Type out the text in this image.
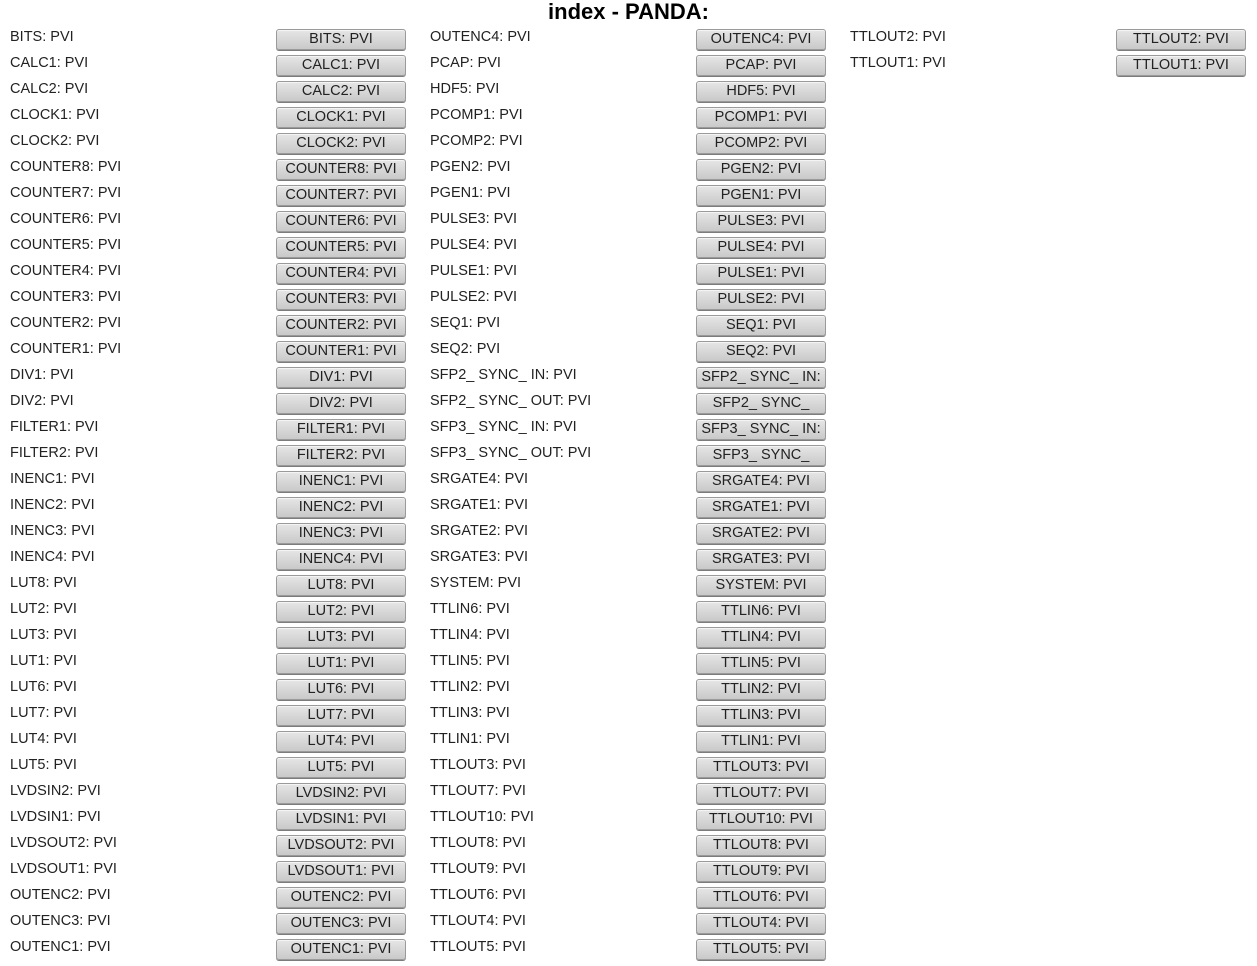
index - PANDA:
BITS: PVI	BITS: PVI
CALC1: PVI	CALC1: PVI
CALC2: PVI	CALC2: PVI
CLOCK1: PVI	CLOCK1: PVI
CLOCK2: PVI	CLOCK2: PVI
COUNTER8: PVI	COUNTER8: PVI
COUNTER7: PVI	COUNTER7: PVI
COUNTER6: PVI	COUNTER6: PVI
COUNTER5: PVI	COUNTER5: PVI
COUNTER4: PVI	COUNTER4: PVI
COUNTER3: PVI	COUNTER3: PVI
COUNTER2: PVI	COUNTER2: PVI
COUNTER1: PVI	COUNTER1: PVI
DIV1: PVI	DIV1: PVI
DIV2: PVI	DIV2: PVI
FILTER1: PVI	FILTER1: PVI
FILTER2: PVI	FILTER2: PVI
INENC1: PVI	INENC1: PVI
INENC2: PVI	INENC2: PVI
INENC3: PVI	INENC3: PVI
INENC4: PVI	INENC4: PVI
LUT8: PVI	LUT8: PVI
LUT2: PVI	LUT2: PVI
LUT3: PVI	LUT3: PVI
LUT1: PVI	LUT1: PVI
LUT6: PVI	LUT6: PVI
LUT7: PVI	LUT7: PVI
LUT4: PVI	LUT4: PVI
LUT5: PVI	LUT5: PVI
LVDSIN2: PVI	LVDSIN2: PVI
LVDSIN1: PVI	LVDSIN1: PVI
LVDSOUT2: PVI	LVDSOUT2: PVI
LVDSOUT1: PVI	LVDSOUT1: PVI
OUTENC2: PVI	OUTENC2: PVI
OUTENC3: PVI	OUTENC3: PVI
OUTENC1: PVI	OUTENC1: PVI
OUTENC4: PVI	OUTENC4: PVI
PCAP: PVI	PCAP: PVI
HDF5: PVI	HDF5: PVI
PCOMP1: PVI	PCOMP1: PVI
PCOMP2: PVI	PCOMP2: PVI
PGEN2: PVI	PGEN2: PVI
PGEN1: PVI	PGEN1: PVI
PULSE3: PVI	PULSE3: PVI
PULSE4: PVI	PULSE4: PVI
PULSE1: PVI	PULSE1: PVI
PULSE2: PVI	PULSE2: PVI
SEQ1: PVI	SEQ1: PVI
SEQ2: PVI	SEQ2: PVI
SFP2_ SYNC_ IN: PVI	SFP2_ SYNC_ IN:
SFP2_ SYNC_ OUT: PVI	SFP2_ SYNC_
SFP3_ SYNC_ IN: PVI	SFP3_ SYNC_ IN:
SFP3_ SYNC_ OUT: PVI	SFP3_ SYNC_
SRGATE4: PVI	SRGATE4: PVI
SRGATE1: PVI	SRGATE1: PVI
SRGATE2: PVI	SRGATE2: PVI
SRGATE3: PVI	SRGATE3: PVI
SYSTEM: PVI	SYSTEM: PVI
TTLIN6: PVI	TTLIN6: PVI
TTLIN4: PVI	TTLIN4: PVI
TTLIN5: PVI	TTLIN5: PVI
TTLIN2: PVI	TTLIN2: PVI
TTLIN3: PVI	TTLIN3: PVI
TTLIN1: PVI	TTLIN1: PVI
TTLOUT3: PVI	TTLOUT3: PVI
TTLOUT7: PVI	TTLOUT7: PVI
TTLOUT10: PVI	TTLOUT10: PVI
TTLOUT8: PVI	TTLOUT8: PVI
TTLOUT9: PVI	TTLOUT9: PVI
TTLOUT6: PVI	TTLOUT6: PVI
TTLOUT4: PVI	TTLOUT4: PVI
TTLOUT5: PVI	TTLOUT5: PVI
TTLOUT2: PVI	TTLOUT2: PVI
TTLOUT1: PVI	TTLOUT1: PVI
